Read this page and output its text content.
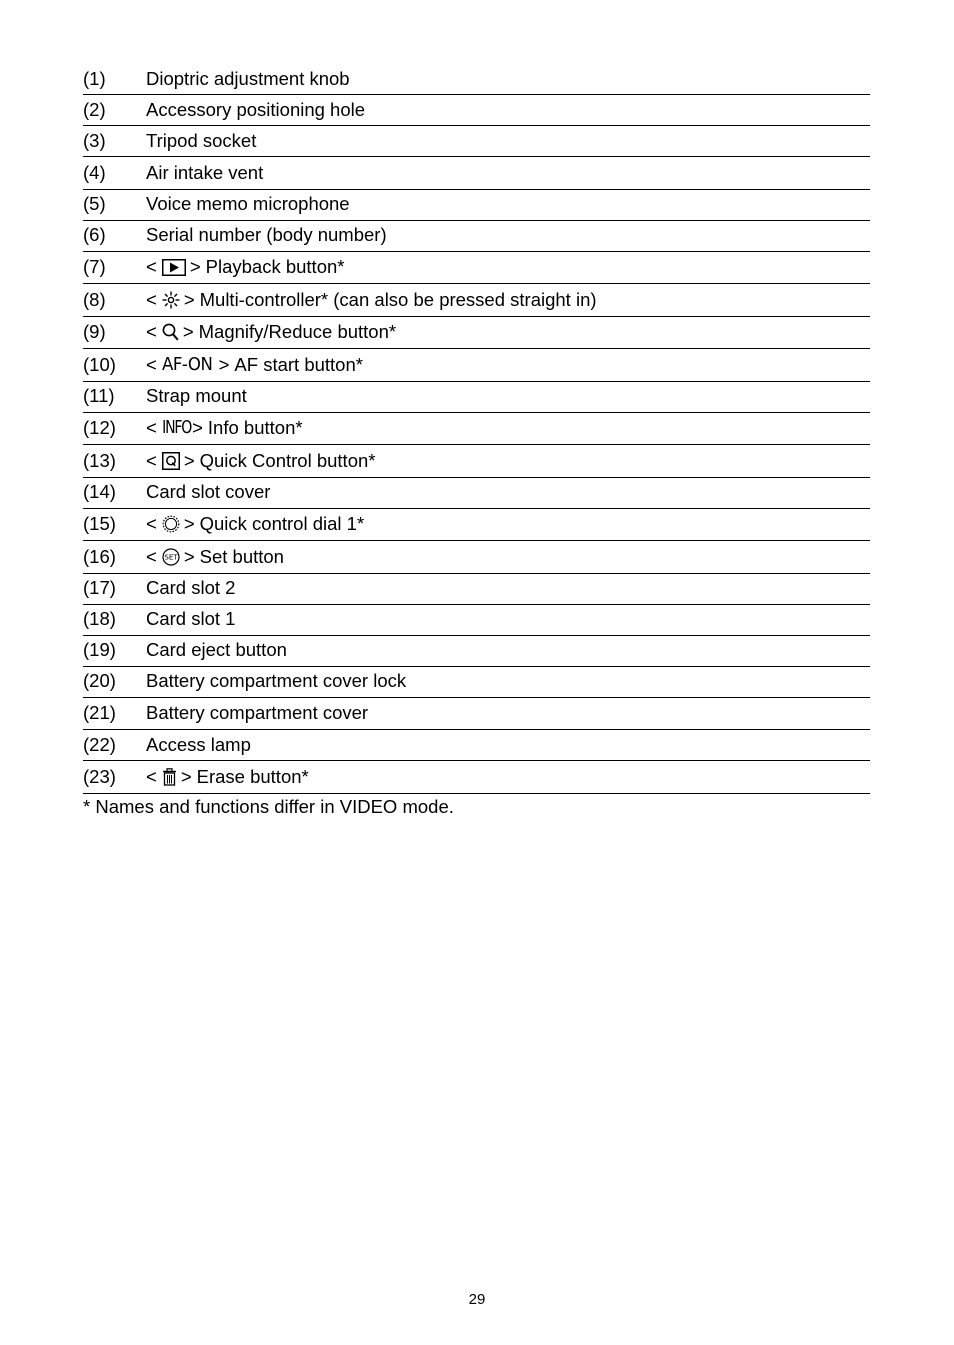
(1)	Dioptric adjustment knob
(2)	Accessory positioning hole
(3)	Tripod socket
(4)	Air intake vent
(5)	Voice memo microphone
(6)	Serial number (body number)
(7)	< > Playback button*
(8)	< > Multi-controller* (can also be pressed straight in)
(9)	< > Magnify/Reduce button*
(10)	< AF-ON > AF start button*
(11)	Strap mount
(12)	< INFO > Info button*
(13)	< > Quick Control button*
(14)	Card slot cover
(15)	< > Quick control dial 1*
(16)	< SET > Set button
(17)	Card slot 2
(18)	Card slot 1
(19)	Card eject button
(20)	Battery compartment cover lock
(21)	Battery compartment cover
(22)	Access lamp
(23)	< > Erase button*
* Names and functions differ in VIDEO mode.
29
